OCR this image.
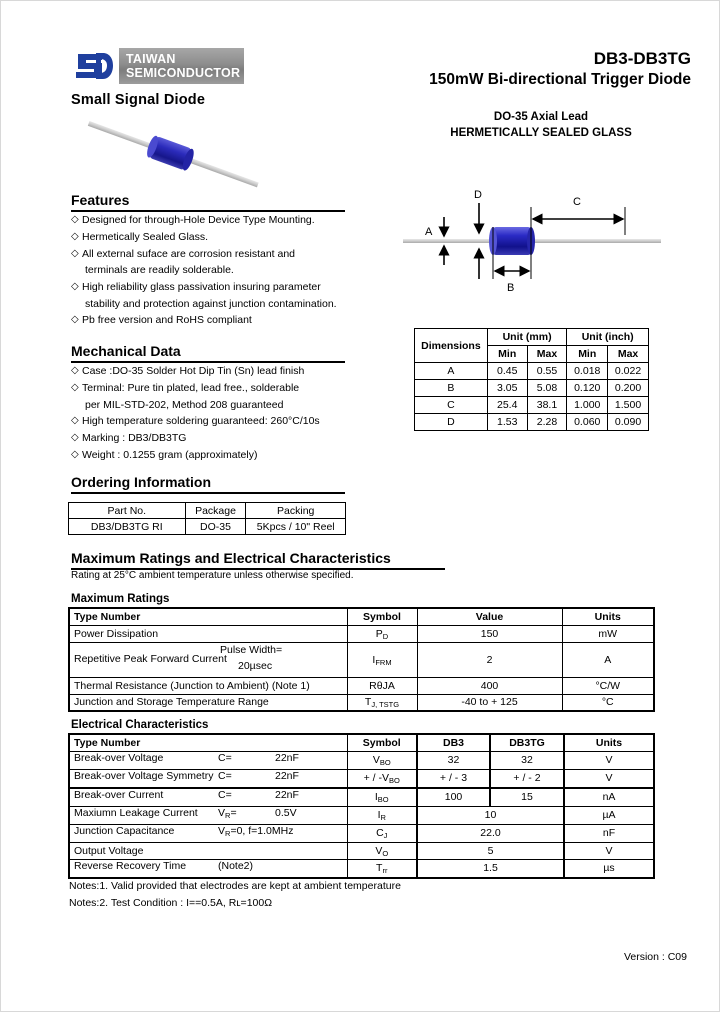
TAIWAN
SEMICONDUCTOR
Small Signal Diode
DB3-DB3TG
150mW Bi-directional Trigger Diode
DO-35 Axial Lead
HERMETICALLY SEALED GLASS
A
D
B
C
Features
◇ Designed for through-Hole Device Type Mounting.
◇ Hermetically Sealed Glass.
◇ All external suface are corrosion resistant and
terminals are readily solderable.
◇ High reliability glass passivation insuring parameter
stability and protection against junction contamination.
◇ Pb free version and RoHS compliant
Mechanical Data
◇ Case :DO-35 Solder Hot Dip Tin (Sn) lead finish
◇ Terminal: Pure tin plated, lead free., solderable
per MIL-STD-202, Method 208 guaranteed
◇ High temperature soldering guaranteed: 260°C/10s
◇ Marking : DB3/DB3TG
◇ Weight : 0.1255 gram (approximately)
Dimensions	Unit (mm)		Unit (inch)	
	Min	Max	Min	Max
A	0.45	0.55	0.018	0.022
B	3.05	5.08	0.120	0.200
C	25.4	38.1	1.000	1.500
D	1.53	2.28	0.060	0.090
Ordering Information
Part No.	Package	Packing
DB3/DB3TG RI	DO-35	5Kpcs / 10" Reel
Maximum Ratings and Electrical Characteristics
Rating at 25°C ambient temperature unless otherwise specified.
Maximum Ratings
Type Number	Symbol	Value	Units
Power Dissipation	$P_D$	150	mW

Repetitive Peak Forward Current
Pulse Width=
20µsec	$I_{FRM}$	2	A
Thermal Resistance (Junction to Ambient) (Note 1)	RθJA	400	°C/W
Junction and Storage Temperature Range	$T_{J, TSTG}$	-40 to + 125	°C
Electrical Characteristics
Type Number	Symbol	DB3	DB3TG	Units

Break-over Voltage C= 22nF	$V_{BO}$	32	32	V

Break-over Voltage Symmetry C= 22nF	+ / $-V_{BO}$	+ / - 3	+ / - 2	V

Break-over Current C= 22nF	$I_{BO}$	100	15	nA

Maxiumn Leakage Current $V_R= 0.5V$	$I_R$	10		µA

Junction Capacitance $V_R=0$, f=1.0MHz	$C_J$	22.0		nF
Output Voltage	$V_O$	5		V

Reverse Recovery Time (Note2)	$T_{rr}$	1.5		µs
Notes:1. Valid provided that electrodes are kept at ambient temperature
Notes:2. Test Condition : I==0.5A, Rʟ=100Ω
Version : C09
